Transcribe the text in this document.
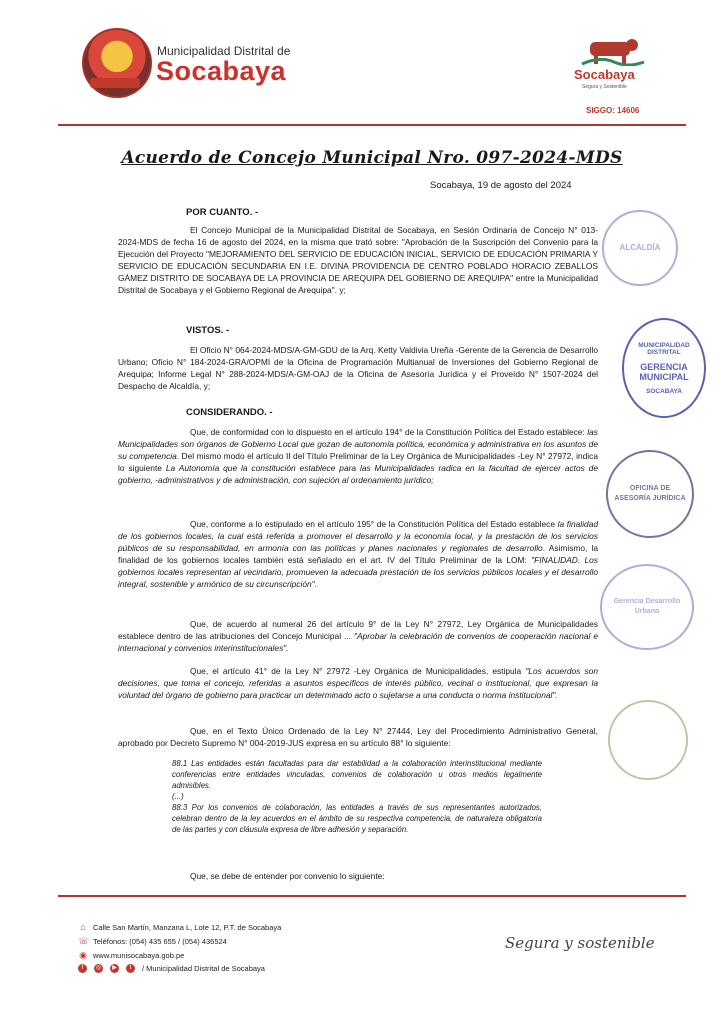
Municipalidad Distrital de
Socabaya	Socabaya
Segura y Sostenible
SIGGO: 14606
Acuerdo de Concejo Municipal Nro. 097-2024-MDS
Socabaya, 19 de agosto del 2024
POR CUANTO. -
El Concejo Municipal de la Municipalidad Distrital de Socabaya, en Sesión Ordinaria de Concejo N° 013-2024-MDS de fecha 16 de agosto del 2024, en la misma que trató sobre: "Aprobación de la Suscripción del Convenio para la Ejecución del Proyecto "MEJORAMIENTO DEL SERVICIO DE EDUCACIÓN INICIAL, SERVICIO DE EDUCACIÓN PRIMARIA Y SERVICIO DE EDUCACIÓN SECUNDARIA EN I.E. DIVINA PROVIDENCIA DE CENTRO POBLADO HORACIO ZEBALLOS GÁMEZ DISTRITO DE SOCABAYA DE LA PROVINCIA DE AREQUIPA DEL GOBIERNO DE AREQUIPA" entre la Municipalidad Distrital de Socabaya y el Gobierno Regional de Arequipa". y;
VISTOS. -
El Oficio N° 064-2024-MDS/A-GM-GDU de la Arq. Ketty Valdivia Ureña -Gerente de la Gerencia de Desarrollo Urbano; Oficio N° 184-2024-GRA/OPMI de la Oficina de Programación Multianual de Inversiones del Gobierno Regional de Arequipa; Informe Legal N° 288-2024-MDS/A-GM-OAJ de la Oficina de Asesoría Jurídica y el Proveído N° 1507-2024 del Despacho de Alcaldía, y;
CONSIDERANDO. -
Que, de conformidad con lo dispuesto en el artículo 194° de la Constitución Política del Estado establece: las Municipalidades son órganos de Gobierno Local que gozan de autonomía política, económica y administrativa en los asuntos de su competencia. Del mismo modo el artículo II del Título Preliminar de la Ley Orgánica de Municipalidades -Ley N° 27972, indica lo siguiente La Autonomía que la constitución establece para las Municipalidades radica en la facultad de ejercer actos de gobierno, -administrativos y de administración, con sujeción al ordenamiento jurídico;
Que, conforme a lo estipulado en el artículo 195° de la Constitución Política del Estado establece la finalidad de los gobiernos locales, la cual está referida a promover el desarrollo y la economía local, y la prestación de los servicios públicos de su responsabilidad, en armonía con las políticas y planes nacionales y regionales de desarrollo. Asimismo, la finalidad de los gobiernos locales también está señalado en el art. IV del Título Preliminar de la LOM: "FINALIDAD. Los gobiernos locales representan al vecindario, promueven la adecuada prestación de los servicios públicos locales y el desarrollo integral, sostenible y armónico de su circunscripción".
Que, de acuerdo al numeral 26 del artículo 9° de la Ley N° 27972, Ley Orgánica de Municipalidades establece dentro de las atribuciones del Concejo Municipal ... "Aprobar la celebración de convenios de cooperación nacional e internacional y convenios interinstitucionales".
Que, el artículo 41° de la Ley N° 27972 -Ley Orgánica de Municipalidades, estipula "Los acuerdos son decisiones, que toma el concejo, referidas a asuntos específicos de interés público, vecinal o institucional, que expresan la voluntad del órgano de gobierno para practicar un determinado acto o sujetarse a una conducta o norma institucional".
Que, en el Texto Único Ordenado de la Ley N° 27444, Ley del Procedimiento Administrativo General, aprobado por Decreto Supremo N° 004-2019-JUS expresa en su artículo 88° lo siguiente:

88.1 Las entidades están facultadas para dar estabilidad a la colaboración interinstitucional mediante conferencias entre entidades vinculadas, convenios de colaboración u otros medios legalmente admisibles.

(...)

88.3 Por los convenios de colaboración, las entidades a través de sus representantes autorizados, celebran dentro de la ley acuerdos en el ámbito de su respectiva competencia, de naturaleza obligatoria de las partes y con cláusula expresa de libre adhesión y separación.

Que, se debe de entender por convenio lo siguiente:
ALCALDÍA
MUNICIPALIDAD DISTRITAL
GERENCIA MUNICIPAL
SOCABAYA
OFICINA DE ASESORÍA JURÍDICA
Gerencia Desarrollo Urbano
⌂ Calle San Martín, Manzana L, Lote 12, P.T. de Socabaya
☏ Teléfonos: (054) 435 655 / (054) 436524
◉ www.munisocabaya.gob.pe
f	◎	▶	t	/ Municipalidad Distrital de Socabaya
Segura y sostenible
